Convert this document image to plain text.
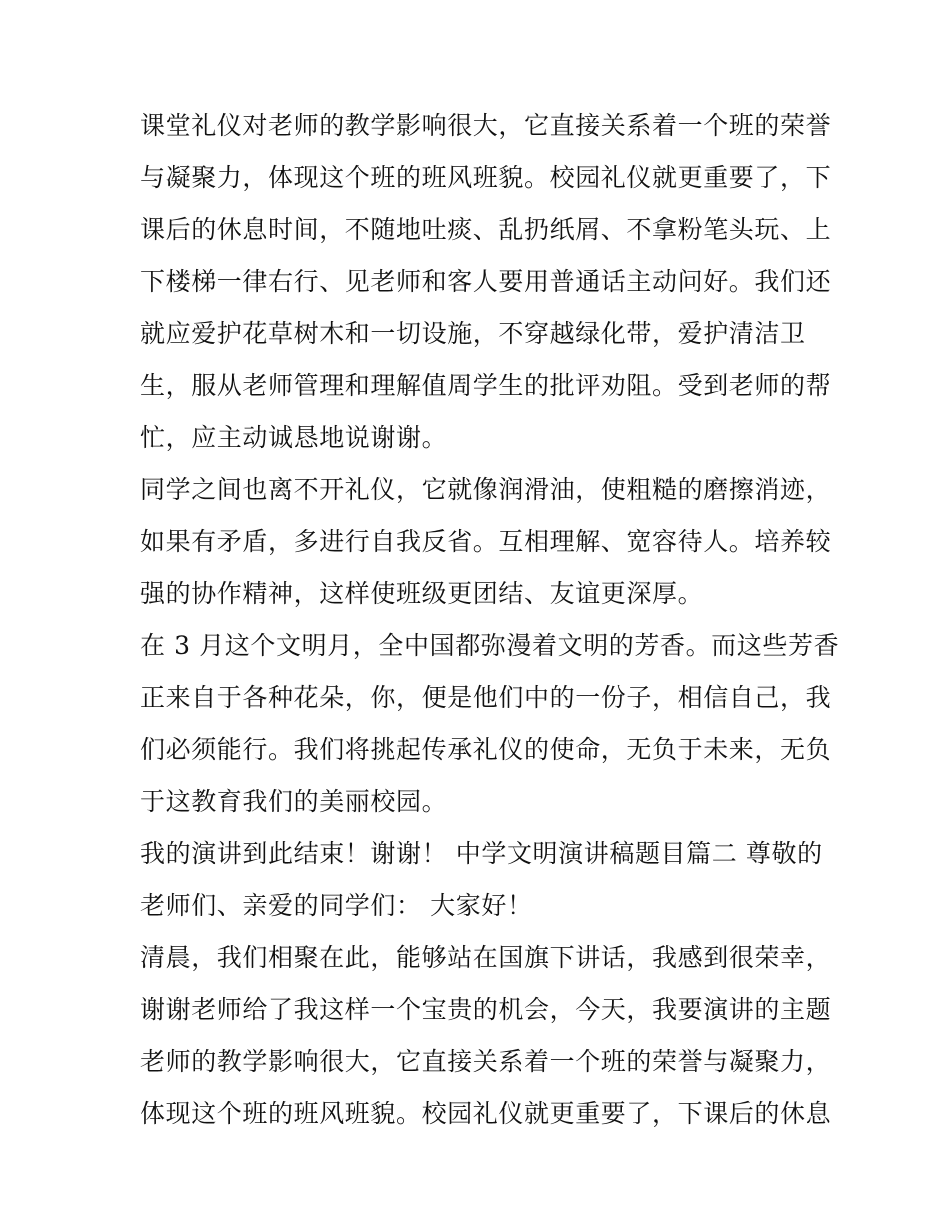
课堂礼仪对老师的教学影响很大，它直接关系着一个班的荣誉
与凝聚力，体现这个班的班风班貌。校园礼仪就更重要了，下
课后的休息时间，不随地吐痰、乱扔纸屑、不拿粉笔头玩、上
下楼梯一律右行、见老师和客人要用普通话主动问好。我们还
就应爱护花草树木和一切设施，不穿越绿化带，爱护清洁卫
生，服从老师管理和理解值周学生的批评劝阻。受到老师的帮
忙，应主动诚恳地说谢谢。
同学之间也离不开礼仪，它就像润滑油，使粗糙的磨擦消迹，
如果有矛盾，多进行自我反省。互相理解、宽容待人。培养较
强的协作精神，这样使班级更团结、友谊更深厚。
在 3 月这个文明月，全中国都弥漫着文明的芳香。而这些芳香
正来自于各种花朵，你，便是他们中的一份子，相信自己，我
们必须能行。我们将挑起传承礼仪的使命，无负于未来，无负
于这教育我们的美丽校园。
我的演讲到此结束！谢谢！ 中学文明演讲稿题目篇二 尊敬的
老师们、亲爱的同学们： 大家好！
清晨，我们相聚在此，能够站在国旗下讲话，我感到很荣幸，
谢谢老师给了我这样一个宝贵的机会，今天，我要演讲的主题
老师的教学影响很大，它直接关系着一个班的荣誉与凝聚力，
体现这个班的班风班貌。校园礼仪就更重要了，下课后的休息
